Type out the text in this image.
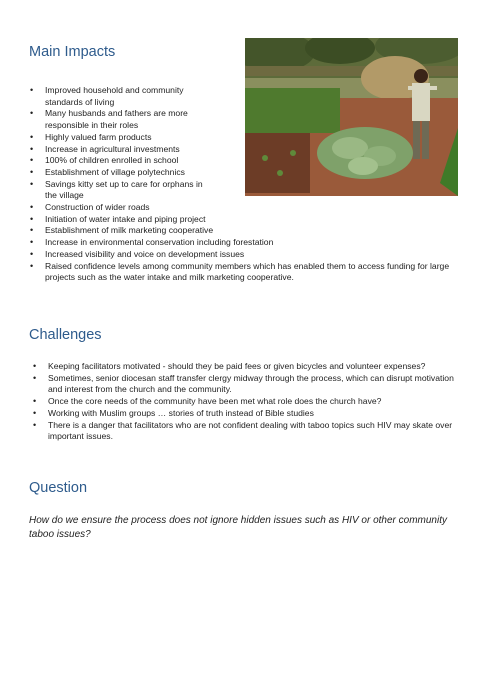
Main Impacts
• Improved household and community standards of living
• Many husbands and fathers are more responsible in their roles
• Highly valued farm products
• Increase in agricultural investments
• 100% of children enrolled in school
• Establishment of village polytechnics
• Savings kitty set up to care for orphans in the village
• Construction of wider roads
• Initiation of water intake and piping project
• Establishment of milk marketing cooperative
• Increase in environmental conservation including forestation
• Increased visibility and voice on development issues
• Raised confidence levels among community members which has enabled them to access funding for large projects such as the water intake and milk marketing cooperative.
Challenges
• Keeping facilitators motivated - should they be paid fees or given bicycles and volunteer expenses?
• Sometimes, senior diocesan staff transfer clergy midway through the process, which can disrupt motivation and interest from the church and the community.
• Once the core needs of the community have been met what role does the church have?
• Working with Muslim groups … stories of truth instead of Bible studies
• There is a danger that facilitators who are not confident dealing with taboo topics such HIV may skate over important issues.
Question

How do we ensure the process does not ignore hidden issues such as HIV or other community taboo issues?
